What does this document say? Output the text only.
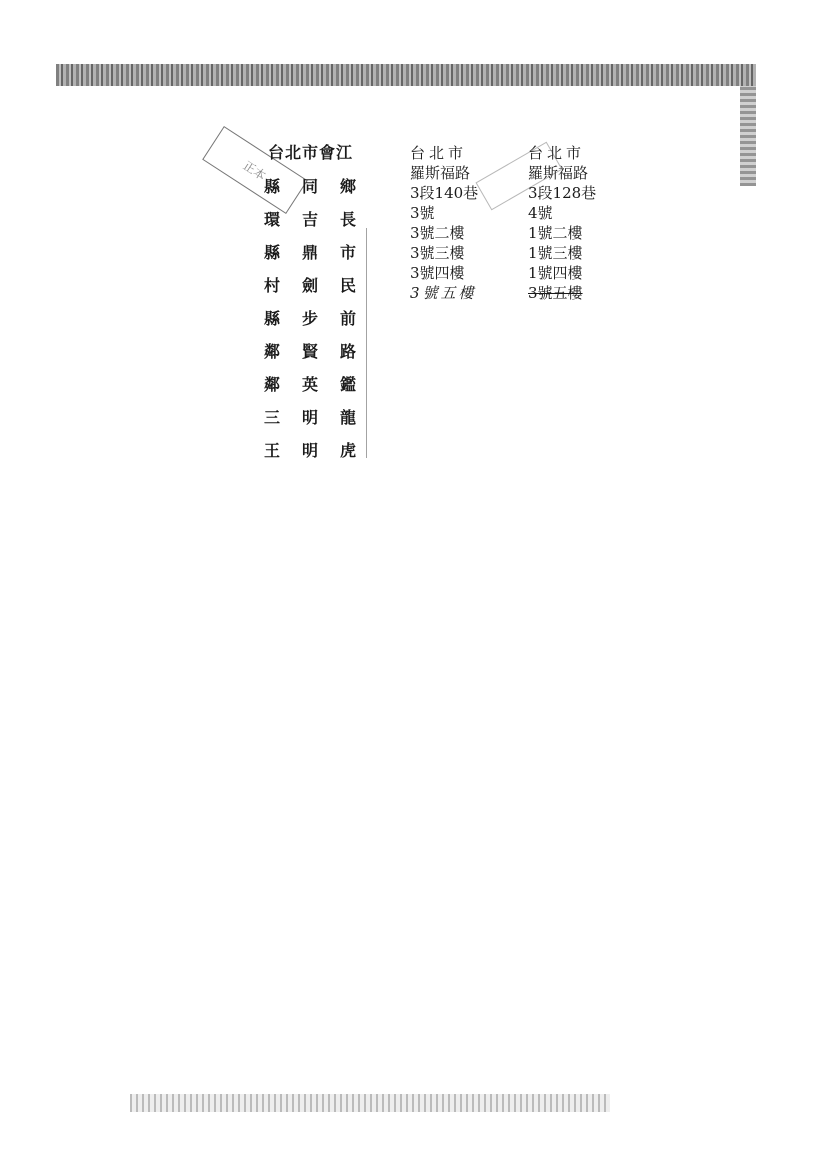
正本
台北市會江
縣
環
縣
村
縣
鄰
鄰
三
王
同
吉
鼎
劍
步
賢
英
明
明
鄉
長
市
民
前
路
鑑
龍
虎
台北市
羅斯福路
3段140巷
3號
3號二樓
3號三樓
3號四樓
3號五樓
台北市
羅斯福路
3段128巷
4號
1號二樓
1號三樓
1號四樓
3號五樓
